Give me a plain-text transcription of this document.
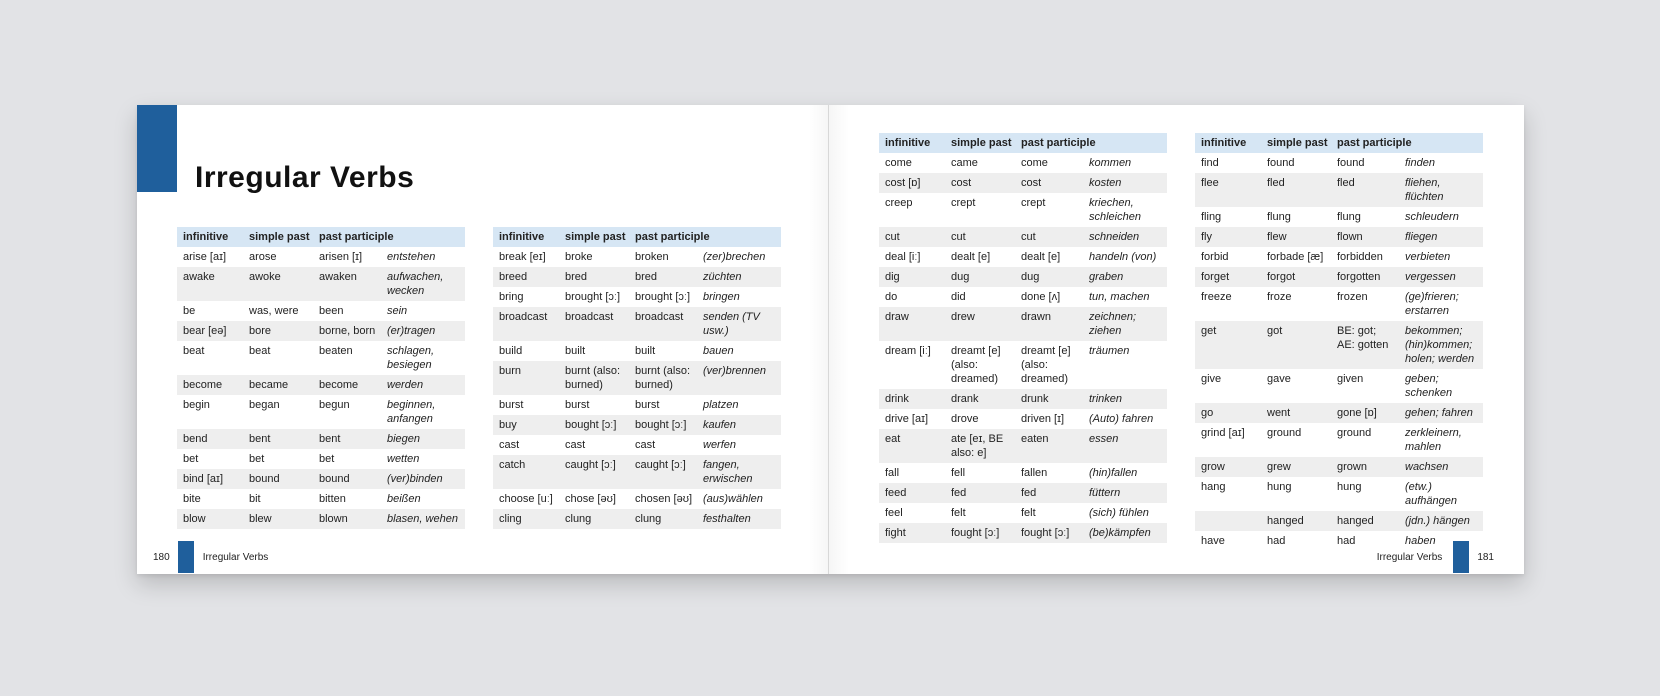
Irregular Verbs
infinitive	simple past	past participle	
arise [aɪ]	arose	arisen [ɪ]	entstehen
awake	awoke	awaken	aufwachen, wecken
be	was, were	been	sein
bear [eə]	bore	borne, born	(er)tragen
beat	beat	beaten	schlagen, besiegen
become	became	become	werden
begin	began	begun	beginnen, anfangen
bend	bent	bent	biegen
bet	bet	bet	wetten
bind [aɪ]	bound	bound	(ver)binden
bite	bit	bitten	beißen
blow	blew	blown	blasen, wehen
infinitive	simple past	past participle	
break [eɪ]	broke	broken	(zer)brechen
breed	bred	bred	züchten
bring	brought [ɔː]	brought [ɔː]	bringen
broadcast	broadcast	broadcast	senden (TV usw.)
build	built	built	bauen
burn	burnt (also: burned)	burnt (also: burned)	(ver)brennen
burst	burst	burst	platzen
buy	bought [ɔː]	bought [ɔː]	kaufen
cast	cast	cast	werfen
catch	caught [ɔː]	caught [ɔː]	fangen, erwischen
choose [uː]	chose [əʊ]	chosen [əʊ]	(aus)wählen
cling	clung	clung	festhalten
infinitive	simple past	past participle	
come	came	come	kommen
cost [ɒ]	cost	cost	kosten
creep	crept	crept	kriechen, schleichen
cut	cut	cut	schneiden
deal [iː]	dealt [e]	dealt [e]	handeln (von)
dig	dug	dug	graben
do	did	done [ʌ]	tun, machen
draw	drew	drawn	zeichnen; ziehen
dream [iː]	dreamt [e] (also: dreamed)	dreamt [e] (also: dreamed)	träumen
drink	drank	drunk	trinken
drive [aɪ]	drove	driven [ɪ]	(Auto) fahren
eat	ate [eɪ, BE also: e]	eaten	essen
fall	fell	fallen	(hin)fallen
feed	fed	fed	füttern
feel	felt	felt	(sich) fühlen
fight	fought [ɔː]	fought [ɔː]	(be)kämpfen
infinitive	simple past	past participle	
find	found	found	finden
flee	fled	fled	fliehen, flüchten
fling	flung	flung	schleudern
fly	flew	flown	fliegen
forbid	forbade [æ]	forbidden	verbieten
forget	forgot	forgotten	vergessen
freeze	froze	frozen	(ge)frieren; erstarren
get	got	BE: got; AE: gotten	bekommen; (hin)kommen; holen; werden
give	gave	given	geben; schenken
go	went	gone [ɒ]	gehen; fahren
grind [aɪ]	ground	ground	zerkleinern, mahlen
grow	grew	grown	wachsen
hang	hung	hung	(etw.) aufhängen
	hanged	hanged	(jdn.) hängen
have	had	had	haben
180	Irregular Verbs	Irregular Verbs	181
